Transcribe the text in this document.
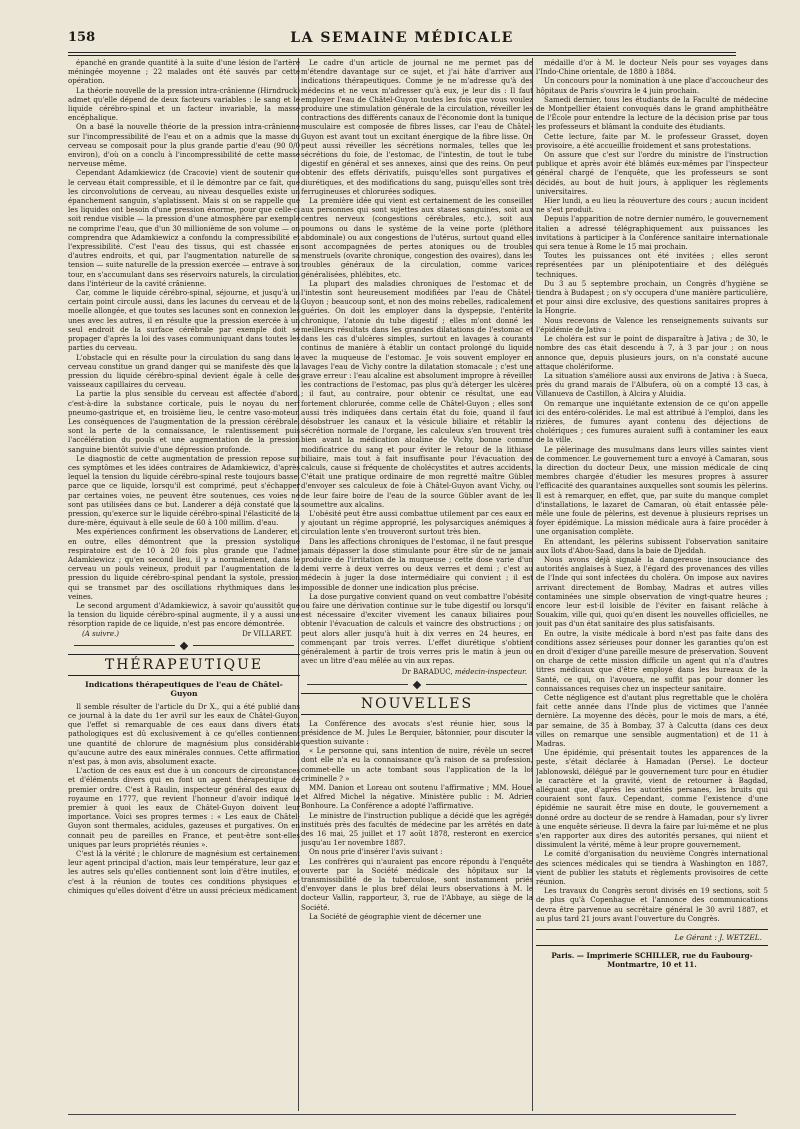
158	LA SEMAINE MÉDICALE

épanché en grande quantité à la suite d'une lésion de l'artère méningée moyenne ; 22 malades ont été sauvés par cette opération.

La théorie nouvelle de la pression intra-crânienne (Hirndruck) admet qu'elle dépend de deux facteurs variables : le sang et le liquide cérébro-spinal et un facteur invariable, la masse encéphalique.

On a basé la nouvelle théorie de la pression intra-crânienne sur l'incompressibilité de l'eau et on a admis que la masse du cerveau se composait pour la plus grande partie d'eau (90 0/0 environ), d'où on a conclu à l'incompressibilité de cette masse nerveuse même.

Cependant Adamkiewicz (de Cracovie) vient de soutenir que le cerveau était compressible, et il le démontre par ce fait, que les circonvolutions de cerveau, au niveau desquelles existe un épanchement sanguin, s'aplatissent. Mais si on se rappelle que les liquides ont besoin d'une pression énorme, pour que celle-ci soit rendue visible — la pression d'une atmosphère par exemple ne comprime l'eau, que d'un 30 millionième de son volume — on comprendra que Adamkiewicz a confondu la compressibilité et l'expressibilité. C'est l'eau des tissus, qui est chassée en d'autres endroits, et qui, par l'augmentation naturelle de sa tension — suite naturelle de la pression exercée — entrave à son tour, en s'accumulant dans ses réservoirs naturels, la circulation dans l'intérieur de la cavité crânienne.

Car, comme le liquide cérébro-spinal, séjourne, et jusqu'à un certain point circule aussi, dans les lacunes du cerveau et de la moelle allongée, et que toutes ses lacunes sont en connexion les unes avec les autres, il en résulte que la pression exercée à un seul endroit de la surface cérébrale par exemple doit se propager d'après la loi des vases communiquant dans toutes les parties du cerveau.

L'obstacle qui en résulte pour la circulation du sang dans le cerveau constitue un grand danger qui se manifeste dès que la pression du liquide cérébro-spinal devient égale à celle des vaisseaux capillaires du cerveau.

La partie la plus sensible du cerveau est affectée d'abord, c'est-à-dire la substance corticale, puis le noyau du nerf pneumo-gastrique et, en troisième lieu, le centre vaso-moteur. Les conséquences de l'augmentation de la pression cérébrale, sont la perte de la connaissance, le ralentissement puis l'accélération du pouls et une augmentation de la pression sanguine bientôt suivie d'une dépression profonde.

Le diagnostic de cette augmentation de pression repose sur ces symptômes et les idées contraires de Adamkiewicz, d'après lequel la tension du liquide cérébro-spinal reste toujours basse, parce que ce liquide, lorsqu'il est comprimé, peut s'échapper par certaines voies, ne peuvent être soutenues, ces voies ne sont pas utilisées dans ce but. Landerer a déjà constaté que la pression, qu'exerce sur le liquide cérébro-spinal l'élasticité de la dure-mère, équivaut à elle seule de 60 à 100 millim. d'eau.

Mes expériences confirment les observations de Landerer, et, en outre, elles démontrent que la pression systolique respiratoire est de 10 à 20 fois plus grande que l'admet Adamkiewicz ; qu'en second lieu, il y a normalement, dans le cerveau un pouls veineux, produit par l'augmentation de la pression du liquide cérébro-spinal pendant la systole, pression qui se transmet par des oscillations rhythmiques dans les veines.

Le second argument d'Adamkiewicz, à savoir qu'aussitôt que la tension du liquide cérébro-spinal augmente, il y a aussi une résorption rapide de ce liquide, n'est pas encore démontrée.

(A suivre.)	Dr VILLARET.
THÉRAPEUTIQUE
Indications thérapeutiques de l'eau de Châtel-Guyon

Il semble résulter de l'article du Dr X., qui a été publié dans ce journal à la date du 1er avril sur les eaux de Châtel-Guyon, que l'effet si remarquable de ces eaux dans divers états pathologiques est dû exclusivement à ce qu'elles contiennent une quantité de chlorure de magnésium plus considérable qu'aucune autre des eaux minérales connues. Cette affirmation n'est pas, à mon avis, absolument exacte.

L'action de ces eaux est due à un concours de circonstances et d'éléments divers qui en font un agent thérapeutique de premier ordre. C'est à Raulin, inspecteur général des eaux du royaume en 1777, que revient l'honneur d'avoir indiqué le premier à quoi les eaux de Châtel-Guyon doivent leur importance. Voici ses propres termes : « Les eaux de Châtel-Guyon sont thermales, acidules, gazeuses et purgatives. On en connait peu de pareilles en France, et peut-être sont-elles uniques par leurs propriétés réunies ».

C'est là la vérité ; le chlorure de magnésium est certainement leur agent principal d'action, mais leur température, leur gaz et les autres sels qu'elles contiennent sont loin d'être inutiles, et c'est à la réunion de toutes ces conditions physiques et chimiques qu'elles doivent d'être un aussi précieux médicament.

Le cadre d'un article de journal ne me permet pas de m'étendre davantage sur ce sujet, et j'ai hâte d'arriver aux indications thérapeutiques. Comme je ne m'adresse qu'à des médecins et ne veux m'adresser qu'à eux, je leur dis : Il faut employer l'eau de Châtel-Guyon toutes les fois que vous voulez produire une stimulation générale de la circulation, réveiller les contractions des différents canaux de l'économie dont la tunique musculaire est composée de fibres lisses, car l'eau de Châtel-Guyon est avant tout un excitant énergique de la fibre lisse. On peut aussi réveiller les sécrétions normales, telles que les sécrétions du foie, de l'estomac, de l'intestin, de tout le tube digestif en général et ses annexes, ainsi que des reins. On peut obtenir des effets dérivatifs, puisqu'elles sont purgatives et diurétiques, et des modifications du sang, puisqu'elles sont très ferrugineuses et chlorurées sodiques.

La première idée qui vient est certainement de les conseiller aux personnes qui sont sujettes aux stases sanguines, soit aux centres nerveux (congestions cérébrales, etc.), soit aux poumons ou dans le système de la veine porte (pléthore abdominale) ou aux congestions de l'utérus, surtout quand elles sont accompagnées de pertes atoniques ou de troubles menstruels (ovarite chronique, congestion des ovaires), dans les troubles généraux de la circulation, comme varices généralisées, phlébites, etc.

La plupart des maladies chroniques de l'estomac et de l'intestin sont heureusement modifiées par l'eau de Châtel-Guyon ; beaucoup sont, et non des moins rebelles, radicalement guéries. On doit les employer dans la dyspepsie, l'entérite chronique, l'atonie du tube digestif ; elles m'ont donné les meilleurs résultats dans les grandes dilatations de l'estomac et dans les cas d'ulcères simples, surtout en lavages à courants continus de manière à établir un contact prolongé du liquide avec la muqueuse de l'estomac. Je vois souvent employer en lavages l'eau de Vichy contre la dilatation stomacale ; c'est une grave erreur : l'eau alcaline est absolument impropre à réveiller les contractions de l'estomac, pas plus qu'à déterger les ulcères ; il faut, au contraire, pour obtenir ce résultat, une eau fortement chlorurée, comme celle de Châtel-Guyon ; elles sont aussi très indiquées dans certain état du foie, quand il faut désobstruer les canaux et la vésicule biliaire et rétablir la sécrétion normale de l'organe, les calculeux s'en trouvent très bien avant la médication alcaline de Vichy, bonne comme modificatrice du sang et pour éviter le retour de la lithiase biliaire, mais tout à fait insuffisante pour l'évacuation des calculs, cause si fréquente de cholécystites et autres accidents. C'était une pratique ordinaire de mon regretté maître Gübler d'envoyer ses calculeux de foie à Châtel-Guyon avant Vichy, ou de leur faire boire de l'eau de la source Gübler avant de les soumettre aux alcalins.

L'obésité peut être aussi combattue utilement par ces eaux en y ajoutant un régime approprié, les polysarciques anémiques à circulation lente s'en trouveront surtout très bien.

Dans les affections chroniques de l'estomac, il ne faut presque jamais dépasser la dose stimulante pour être sûr de ne jamais produire de l'irritation de la muqueuse ; cette dose varie d'un demi verre à deux verres ou deux verres et demi ; c'est au médecin à juger la dose intermédiaire qui convient ; il est impossible de donner une indication plus précise.

La dose purgative convient quand on veut combattre l'obésité ou faire une dérivation continue sur le tube digestif ou lorsqu'il est nécessaire d'exciter vivement les canaux biliaires pour obtenir l'évacuation de calculs et vaincre des obstructions ; on peut alors aller jusqu'à huit à dix verres en 24 heures, en commençant par trois verres. L'effet diurétique s'obtient généralement à partir de trois verres pris le matin à jeun ou avec un litre d'eau mêlée au vin aux repas.

Dr BARADUC, médecin-inspecteur.
NOUVELLES

La Conférence des avocats s'est réunie hier, sous la présidence de M. Jules Le Berquier, bâtonnier, pour discuter la question suivante :

« Le personne qui, sans intention de nuire, révèle un secret dont elle n'a eu la connaissance qu'à raison de sa profession, commet-elle un acte tombant sous l'application de la loi criminelle ? »

MM. Danion et Loreau ont soutenu l'affirmative ; MM. Houel et Alfred Michel la négative. Ministère public : M. Adrien Bonhoure. La Conférence a adopté l'affirmative.

Le ministre de l'instruction publique a décidé que les agrégés institués près des facultés de médecine par les arrêtés en date des 16 mai, 25 juillet et 17 août 1878, resteront en exercice jusqu'au 1er novembre 1887.

On nous prie d'insérer l'avis suivant :

Les confrères qui n'auraient pas encore répondu à l'enquête ouverte par la Société médicale des hôpitaux sur la transmissibilité de la tuberculose, sont instamment priés d'envoyer dans le plus bref délai leurs observations à M. le docteur Vallin, rapporteur, 3, rue de l'Abbaye, au siège de la Société.

La Société de géographie vient de décerner une

médaille d'or à M. le docteur Neïs pour ses voyages dans l'Indo-Chine orientale, de 1880 à 1884.

Un concours pour la nomination à une place d'accoucheur des hôpitaux de Paris s'ouvrira le 4 juin prochain.

Samedi dernier, tous les étudiants de la Faculté de médecine de Montpellier étaient convoqués dans le grand amphithéâtre de l'École pour entendre la lecture de la décision prise par tous les professeurs et blâmant la conduite des étudiants.

Cette lecture, faite par M. le professeur Grasset, doyen provisoire, a été accueillie froidement et sans protestations.

On assure que c'est sur l'ordre du ministre de l'instruction publique et après avoir été blâmés eux-mêmes par l'inspecteur général chargé de l'enquête, que les professeurs se sont décidés, au bout de huit jours, à appliquer les règlements universitaires.

Hier lundi, a eu lieu la réouverture des cours ; aucun incident ne s'est produit.

Depuis l'apparition de notre dernier numéro, le gouvernement italien a adressé télégraphiquement aux puissances les invitations à participer à la Conférence sanitaire internationale qui sera tenue à Rome le 15 mai prochain.

Toutes les puissances ont été invitées ; elles seront représentées par un plénipotentiaire et des délégués techniques.

Du 3 au 5 septembre prochain, un Congrès d'hygiène se tiendra à Budapest ; on s'y occupera d'une manière particulière, et pour ainsi dire exclusive, des questions sanitaires propres à la Hongrie.

Nous recevons de Valence les renseignements suivants sur l'épidémie de Jativa :

Le choléra est sur le point de disparaître à Jativa ; de 30, le nombre des cas était descendu à 7, à 3 par jour ; on nous annonce que, depuis plusieurs jours, on n'a constaté aucune attaque cholériforme.

La situation s'améliore aussi aux environs de Jativa : à Sueca, près du grand marais de l'Albufera, où on a compté 13 cas, à Villanueva de Castillon, à Alcira y Aluidia.

On remarque une inquiétante extension de ce qu'on appelle ici des entéro-colérides. Le mal est attribué à l'emploi, dans les rizières, de fumures ayant contenu des déjections de cholériques ; ces fumures auraient suffi à contaminer les eaux de la ville.

Le pèlerinage des musulmans dans leurs villes saintes vient de commencer. Le gouvernement turc a envoyé à Camaran, sous la direction du docteur Deux, une mission médicale de cinq membres chargée d'étudier les mesures propres à assurer l'efficacité des quarantaines auxquelles sont soumis les pèlerins. Il est à remarquer, en effet, que, par suite du manque complet d'installations, le lazaret de Camaran, où était entassée pêle-mêle une foule de pèlerins, est devenue à plusieurs reprises un foyer épidémique. La mission médicale aura à faire procéder à une organisation complète.

En attendant, les pèlerins subissent l'observation sanitaire aux îlots d'Abou-Saad, dans la baie de Djeddah.

Nous avons déjà signalé la dangereuse insouciance des autorités anglaises à Suez, à l'égard des provenances des villes de l'Inde qui sont infectées du choléra. On impose aux navires arrivant directement de Bombay, Madras et autres villes contaminées une simple observation de vingt-quatre heures ; encore leur est-il loisible de l'éviter en faisant relâche à Souakim, ville qui, quoi qu'en disent les nouvelles officielles, ne jouit pas d'un état sanitaire des plus satisfaisants.

En outre, la visite médicale à bord n'est pas faite dans des conditions assez sérieuses pour donner les garanties qu'on est en droit d'exiger d'une pareille mesure de préservation. Souvent on charge de cette mission difficile un agent qui n'a d'autres titres médicaux que d'être employé dans les bureaux de la Santé, ce qui, on l'avouera, ne suffit pas pour donner les connaissances requises chez un inspecteur sanitaire.

Cette négligence est d'autant plus regrettable que le choléra fait cette année dans l'Inde plus de victimes que l'année dernière. La moyenne des décès, pour le mois de mars, a été, par semaine, de 35 à Bombay, 37 à Calcutta (dans ces deux villes on remarque une sensible augmentation) et de 11 à Madras.

Une épidémie, qui présentait toutes les apparences de la peste, s'était déclarée à Hamadan (Perse). Le docteur Jablonowski, délégué par le gouvernement turc pour en étudier le caractère et la gravité, vient de retourner à Bagdad, alléguant que, d'après les autorités persanes, les bruits qui couraient sont faux. Cependant, comme l'existence d'une épidémie ne saurait être mise en doute, le gouvernement a donné ordre au docteur de se rendre à Hamadan, pour s'y livrer à une enquête sérieuse. Il devra la faire par lui-même et ne plus s'en rapporter aux dires des autorités persanes, qui niient et dissimulent la vérité, même à leur propre gouvernement.

Le comité d'organisation du neuvième Congrès international des sciences médicales qui se tiendra à Washington en 1887, vient de publier les statuts et règlements provisoires de cette réunion.

Les travaux du Congrès seront divisés en 19 sections, soit 5 de plus qu'à Copenhague et l'annonce des communications devra être parvenue au secrétaire général le 30 avril 1887, et au plus tard 21 jours avant l'ouverture du Congrès.

Le Gérant : J. WETZEL.
Paris. — Imprimerie SCHILLER, rue du Faubourg-
Montmartre, 10 et 11.
